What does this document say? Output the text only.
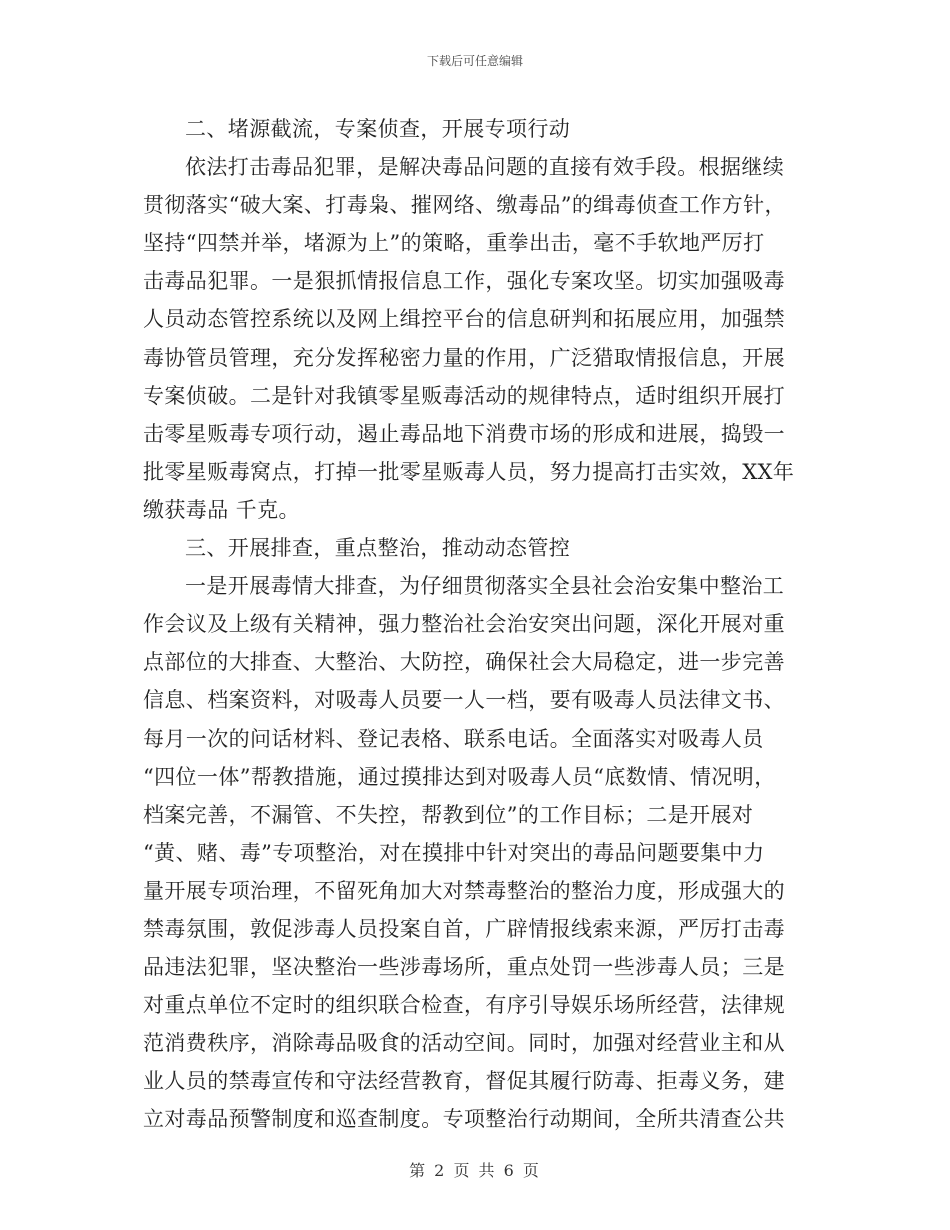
下载后可任意编辑
二、堵源截流，专案侦查，开展专项行动
依法打击毒品犯罪，是解决毒品问题的直接有效手段。根据继续
贯彻落实“破大案、打毒枭、摧网络、缴毒品”的缉毒侦查工作方针，
坚持“四禁并举，堵源为上”的策略，重拳出击，毫不手软地严厉打
击毒品犯罪。一是狠抓情报信息工作，强化专案攻坚。切实加强吸毒
人员动态管控系统以及网上缉控平台的信息研判和拓展应用，加强禁
毒协管员管理，充分发挥秘密力量的作用，广泛猎取情报信息，开展
专案侦破。二是针对我镇零星贩毒活动的规律特点，适时组织开展打
击零星贩毒专项行动，遏止毒品地下消费市场的形成和进展，捣毁一
批零星贩毒窝点，打掉一批零星贩毒人员，努力提高打击实效，XX年
缴获毒品 千克。
三、开展排查，重点整治，推动动态管控
一是开展毒情大排查，为仔细贯彻落实全县社会治安集中整治工
作会议及上级有关精神，强力整治社会治安突出问题，深化开展对重
点部位的大排查、大整治、大防控，确保社会大局稳定，进一步完善
信息、档案资料，对吸毒人员要一人一档，要有吸毒人员法律文书、
每月一次的问话材料、登记表格、联系电话。全面落实对吸毒人员
“四位一体”帮教措施，通过摸排达到对吸毒人员“底数情、情况明，
档案完善，不漏管、不失控，帮教到位”的工作目标；二是开展对
“黄、赌、毒”专项整治，对在摸排中针对突出的毒品问题要集中力
量开展专项治理，不留死角加大对禁毒整治的整治力度，形成强大的
禁毒氛围，敦促涉毒人员投案自首，广辟情报线索来源，严厉打击毒
品违法犯罪，坚决整治一些涉毒场所，重点处罚一些涉毒人员；三是
对重点单位不定时的组织联合检查，有序引导娱乐场所经营，法律规
范消费秩序，消除毒品吸食的活动空间。同时，加强对经营业主和从
业人员的禁毒宣传和守法经营教育，督促其履行防毒、拒毒义务，建
立对毒品预警制度和巡查制度。专项整治行动期间，全所共清查公共
第 2 页 共 6 页
